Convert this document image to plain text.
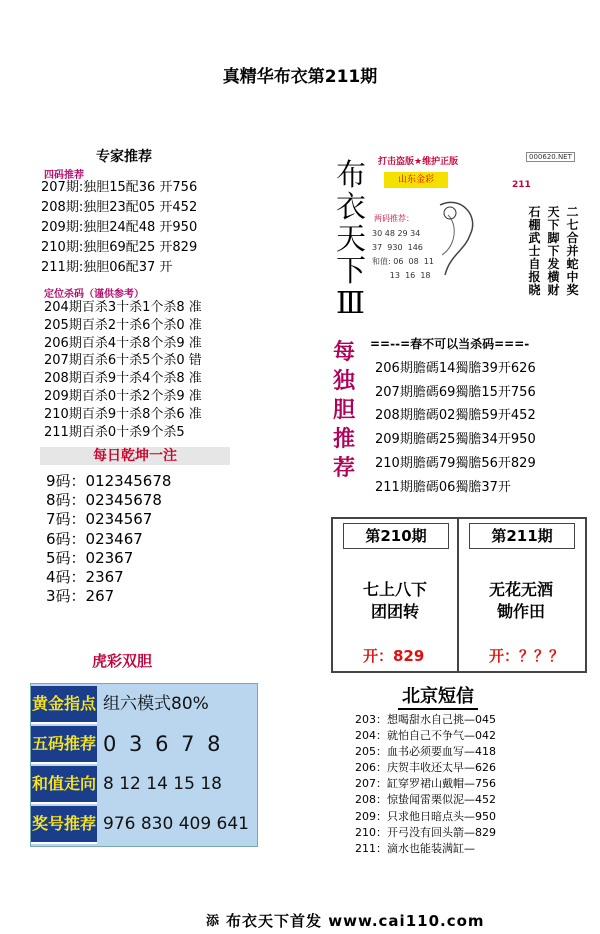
真精华布衣第211期
专家推荐
四码推荐
207期:独胆15配36 开756
208期:独胆23配05 开452
209期:独胆24配48 开950
210期:独胆69配25 开829
211期:独胆06配37 开
定位杀码（谨供参考）
204期百杀3十杀1个杀8 准
205期百杀2十杀6个杀0 准
206期百杀4十杀8个杀9 准
207期百杀6十杀5个杀0 错
208期百杀9十杀4个杀8 准
209期百杀0十杀2个杀9 准
210期百杀9十杀8个杀6 准
211期百杀0十杀9个杀5
每日乾坤一注
9码：012345678
8码：02345678
7码：0234567
6码：023467
5码：02367
4码：2367
3码：267
虎彩双胆
黄金指点 组六模式80%
五码推荐 0 3 6 7 8
和值走向 8 12 14 15 18
奖号推荐 976 830 409 641
布衣天下Ⅲ
打击盗版★维护正版
山东金彩
000620.NET
211
两码推荐：
30 48 29 34
37  930  146
和值: 06  08  11
13  16  18
二七合并蛇中奖
天下脚下发横财
石棚武士自报晓
每独胆推荐
==--=春不可以当杀码===-
206期膽碼14獨膽39开626
207期膽碼69獨膽15开756
208期膽碼02獨膽59开452
209期膽碼25獨膽34开950
210期膽碼79獨膽56开829
211期膽碼06獨膽37开
第210期
七上八下
团团转
开：829
第211期
无花无酒
锄作田
开：？？？
北京短信
203：想喝甜水自己挑—045
204：就怕自己不争气—042
205：血书必须要血写—418
206：庆贺丰收还太早—626
207：缸穿罗裙山戴帽—756
208：惊蛰闻雷栗似泥—452
209：只求他日暗点头—950
210：开弓没有回头箭—829
211：滴水也能装满缸—
添 布衣天下首发 www.cai110.com
